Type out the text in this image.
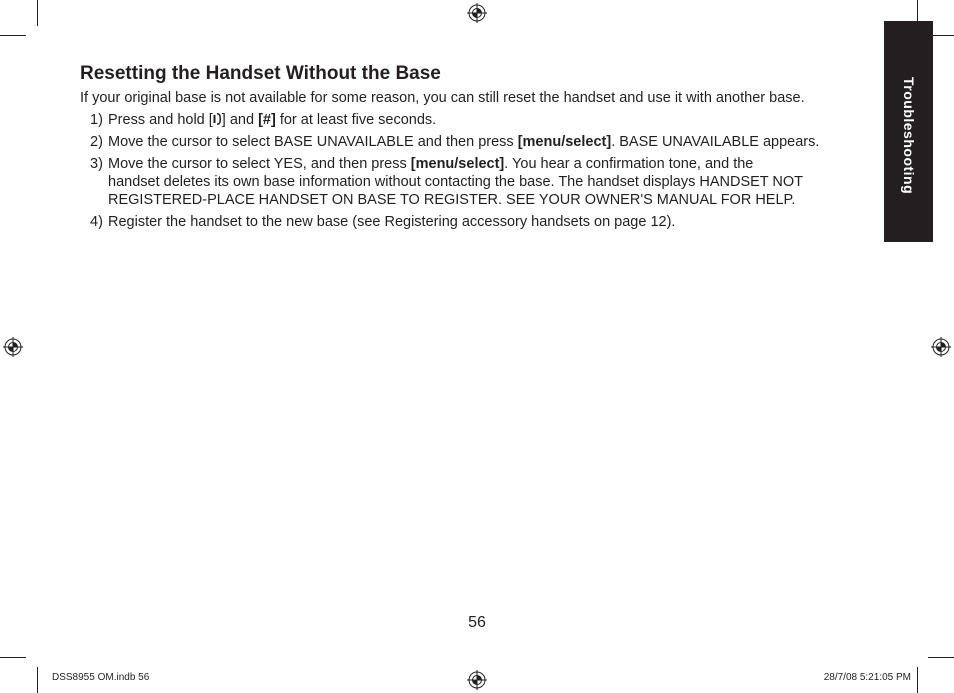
Troubleshooting
Resetting the Handset Without the Base

If your original base is not available for some reason, you can still reset the handset and use it with another base.

1) Press and hold [ ] and [#] for at least five seconds.
2) Move the cursor to select BASE UNAVAILABLE and then press [menu/select]. BASE UNAVAILABLE appears.
3) Move the cursor to select YES, and then press [menu/select]. You hear a confirmation tone, and the
handset deletes its own base information without contacting the base. The handset displays HANDSET NOT REGISTERED-PLACE HANDSET ON BASE TO REGISTER. SEE YOUR OWNER'S MANUAL FOR HELP.
4) Register the handset to the new base (see Registering accessory handsets on page 12).
56
DSS8955 OM.indb 56	28/7/08 5:21:05 PM
